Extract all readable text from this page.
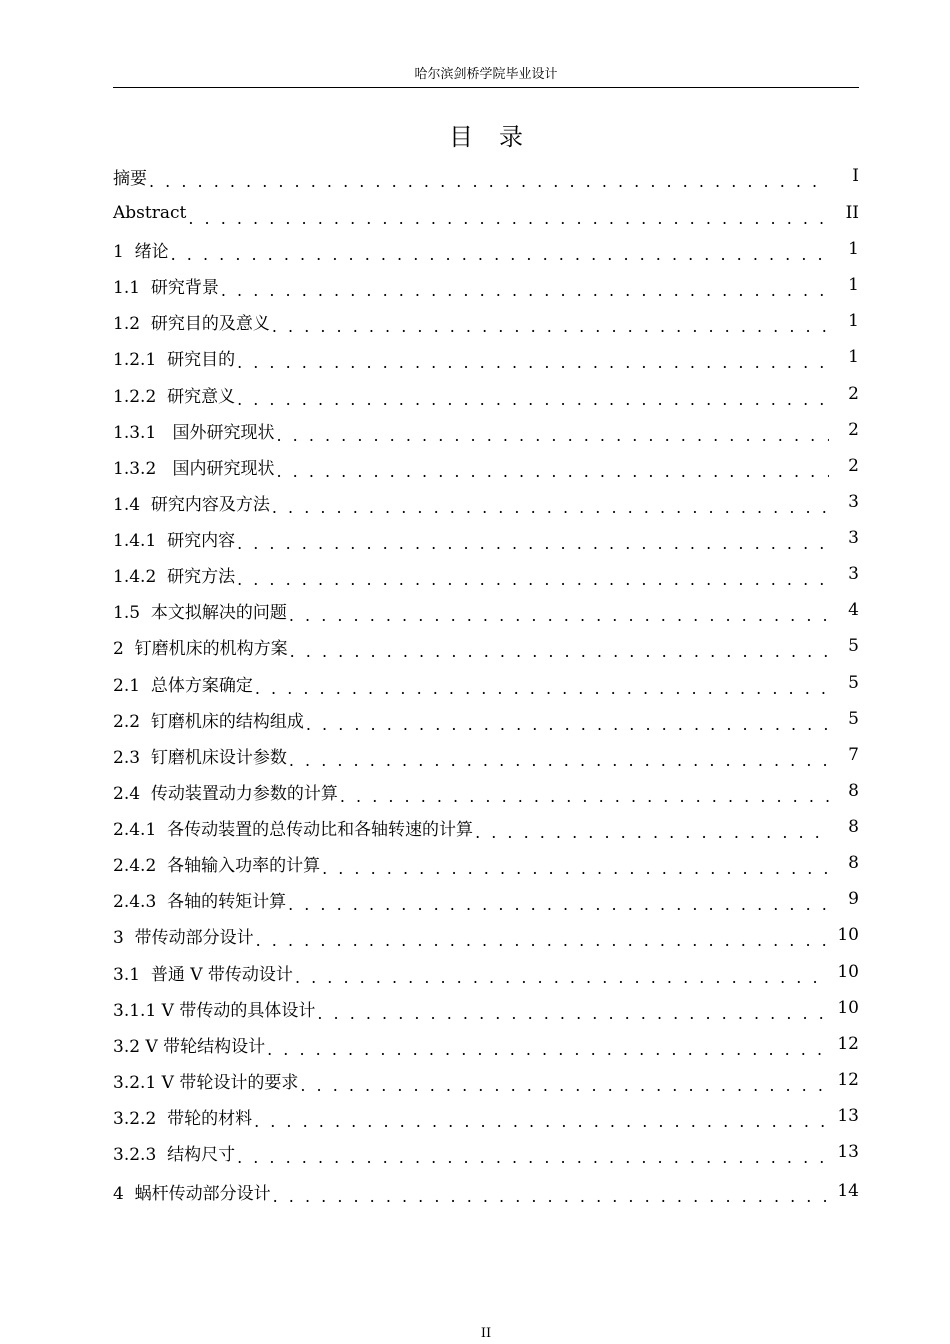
哈尔滨剑桥学院毕业设计
目录
摘要 . . .	I
Abstract . . .	II
1  绪论 . . .	1
1.1  研究背景 . . .	1
1.2  研究目的及意义 . . .	1
1.2.1  研究目的 . . .	1
1.2.2  研究意义 . . .	2
1.3.1   国外研究现状 . . .	2
1.3.2   国内研究现状 . . .	2
1.4  研究内容及方法 . . .	3
1.4.1  研究内容 . . .	3
1.4.2  研究方法 . . .	3
1.5  本文拟解决的问题 . . .	4
2  钉磨机床的机构方案 . . .	5
2.1  总体方案确定 . . .	5
2.2  钉磨机床的结构组成 . . .	5
2.3  钉磨机床设计参数 . . .	7
2.4  传动装置动力参数的计算 . . .	8
2.4.1  各传动装置的总传动比和各轴转速的计算 . . .	8
2.4.2  各轴输入功率的计算 . . .	8
2.4.3  各轴的转矩计算 . . .	9
3  带传动部分设计 . . .	10
3.1  普通 V 带传动设计 . . .	10
3.1.1 V 带传动的具体设计 . . .	10
3.2 V 带轮结构设计 . . .	12
3.2.1 V 带轮设计的要求 . . .	12
3.2.2  带轮的材料 . . .	13
3.2.3  结构尺寸 . . .	13
4  蜗杆传动部分设计 . . .	14
II
